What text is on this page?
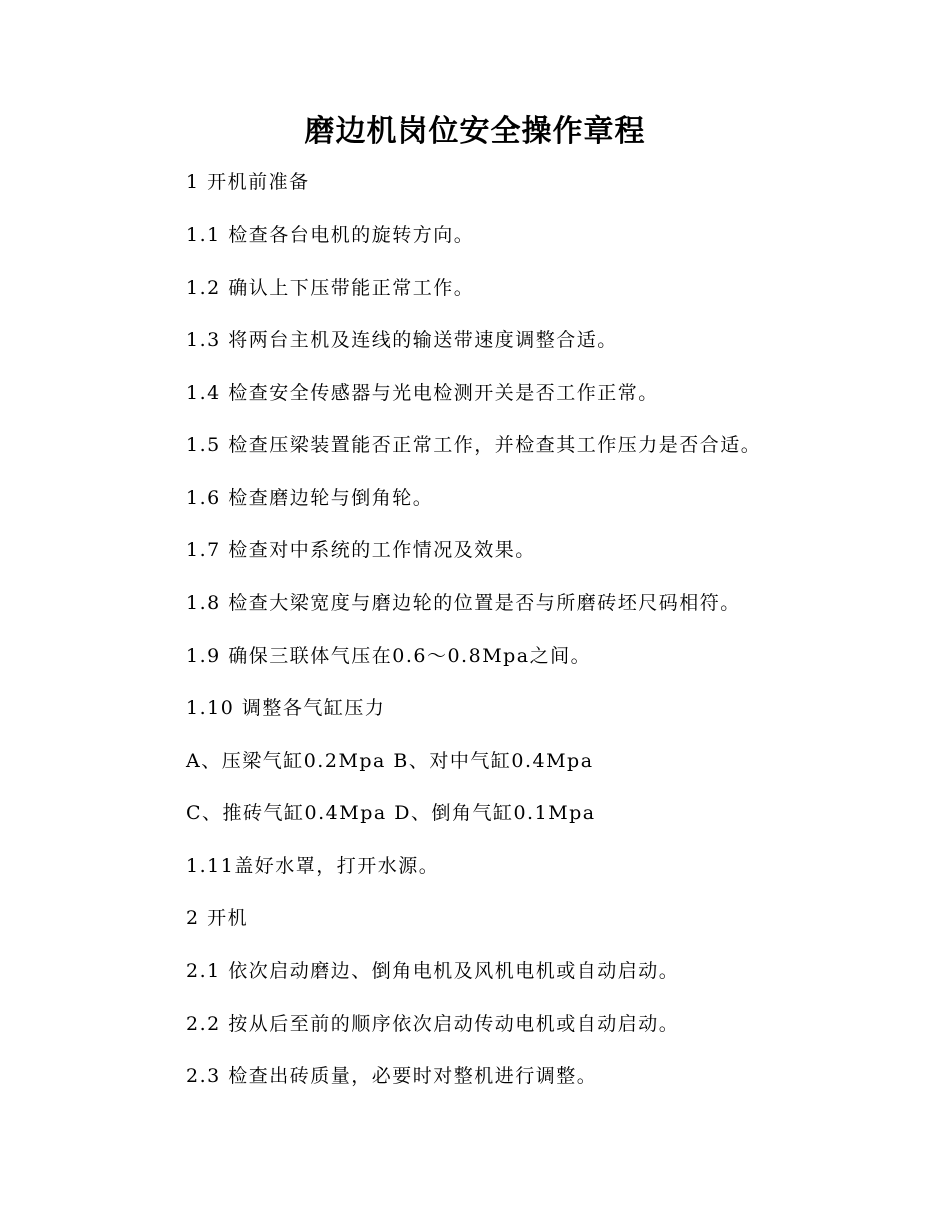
磨边机岗位安全操作章程
1 开机前准备
1.1 检查各台电机的旋转方向。
1.2 确认上下压带能正常工作。
1.3 将两台主机及连线的输送带速度调整合适。
1.4 检查安全传感器与光电检测开关是否工作正常。
1.5 检查压梁装置能否正常工作，并检查其工作压力是否合适。
1.6 检查磨边轮与倒角轮。
1.7 检查对中系统的工作情况及效果。
1.8 检查大梁宽度与磨边轮的位置是否与所磨砖坯尺码相符。
1.9 确保三联体气压在0.6～0.8Mpa之间。
1.10 调整各气缸压力
A、压梁气缸0.2Mpa B、对中气缸0.4Mpa
C、推砖气缸0.4Mpa D、倒角气缸0.1Mpa
1.11盖好水罩，打开水源。
2 开机
2.1 依次启动磨边、倒角电机及风机电机或自动启动。
2.2 按从后至前的顺序依次启动传动电机或自动启动。
2.3 检查出砖质量，必要时对整机进行调整。
